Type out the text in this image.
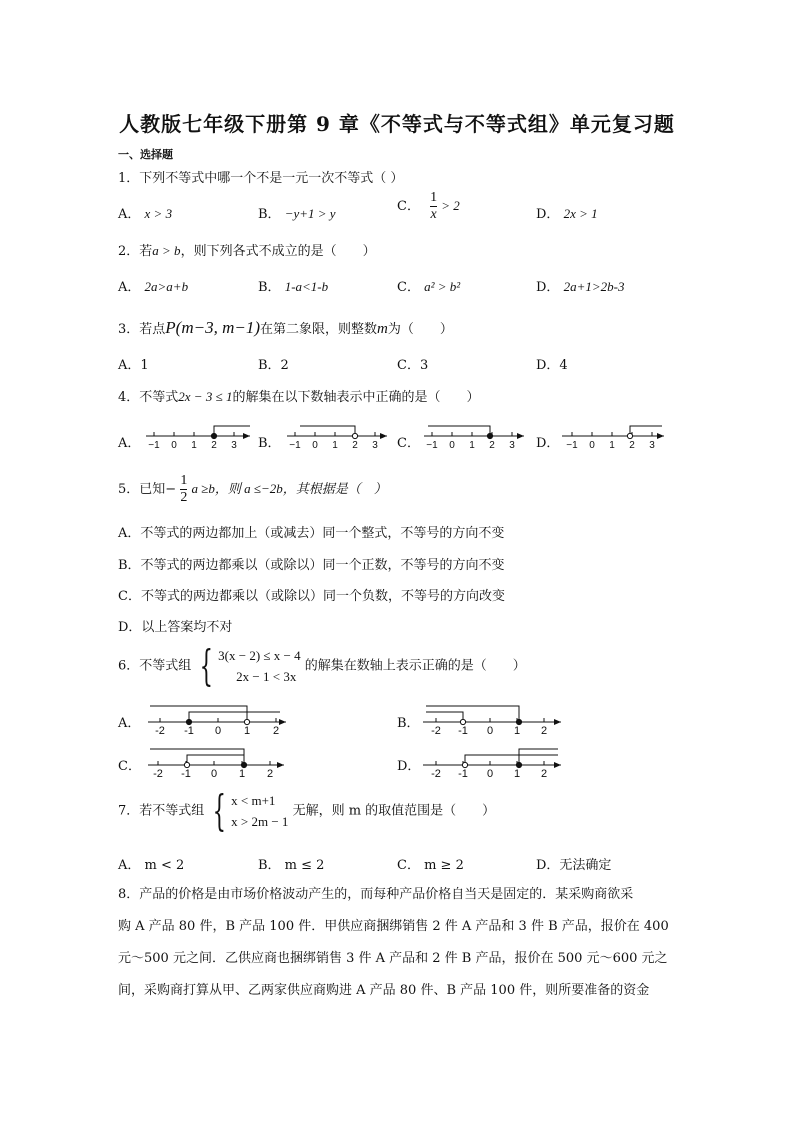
人教版七年级下册第 9 章《不等式与不等式组》单元复习题
一、选择题
1．下列不等式中哪一个不是一元一次不等式（ ）
A． x > 3	B． −y+1 > y	C． $\frac{1}{x} > 2$
D． 2x > 1
2．若a > b，则下列各式不成立的是（　　）
A． 2a>a+b	B． 1-a<1-b	C． a² > b²	D． 2a+1>2b-3
3．若点P(m−3, m−1)在第二象限，则整数m为（　　）
A．1	B．2	C．3	D．4
4．不等式2x − 3 ≤ 1的解集在以下数轴表示中正确的是（　　）
A．	B．	C．	D．
−1 0 1 2 3	−1 0 1 2 3	−1 0 1 2 3	−1 0 1 2 3
5．已知− $\frac{1}{2}$ a ≥b，则 a ≤−2b，其根据是（　）
A．不等式的两边都加上（或减去）同一个整式，不等号的方向不变
B．不等式的两边都乘以（或除以）同一个正数，不等号的方向不变
C．不等式的两边都乘以（或除以）同一个负数，不等号的方向改变
D．以上答案均不对
6．不等式组 { 3(x − 2) ≤ x − 4
2x − 1 < 3x
的解集在数轴上表示正确的是（　　）
A．	B．
C．	D．
-2 -1 0 1 2	-2 -1 0 1 2
-2 -1 0 1 2	-2 -1 0 1 2
7．若不等式组 { x < m+1
x > 2m − 1
无解，则 m 的取值范围是（　　）
A． m < 2	B． m ≤ 2	C． m ≥ 2	D．无法确定
8．产品的价格是由市场价格波动产生的，而每种产品价格自当天是固定的．某采购商欲采
购 A 产品 80 件，B 产品 100 件．甲供应商捆绑销售 2 件 A 产品和 3 件 B 产品，报价在 400
元～500 元之间．乙供应商也捆绑销售 3 件 A 产品和 2 件 B 产品，报价在 500 元～600 元之
间，采购商打算从甲、乙两家供应商购进 A 产品 80 件、B 产品 100 件，则所要准备的资金
